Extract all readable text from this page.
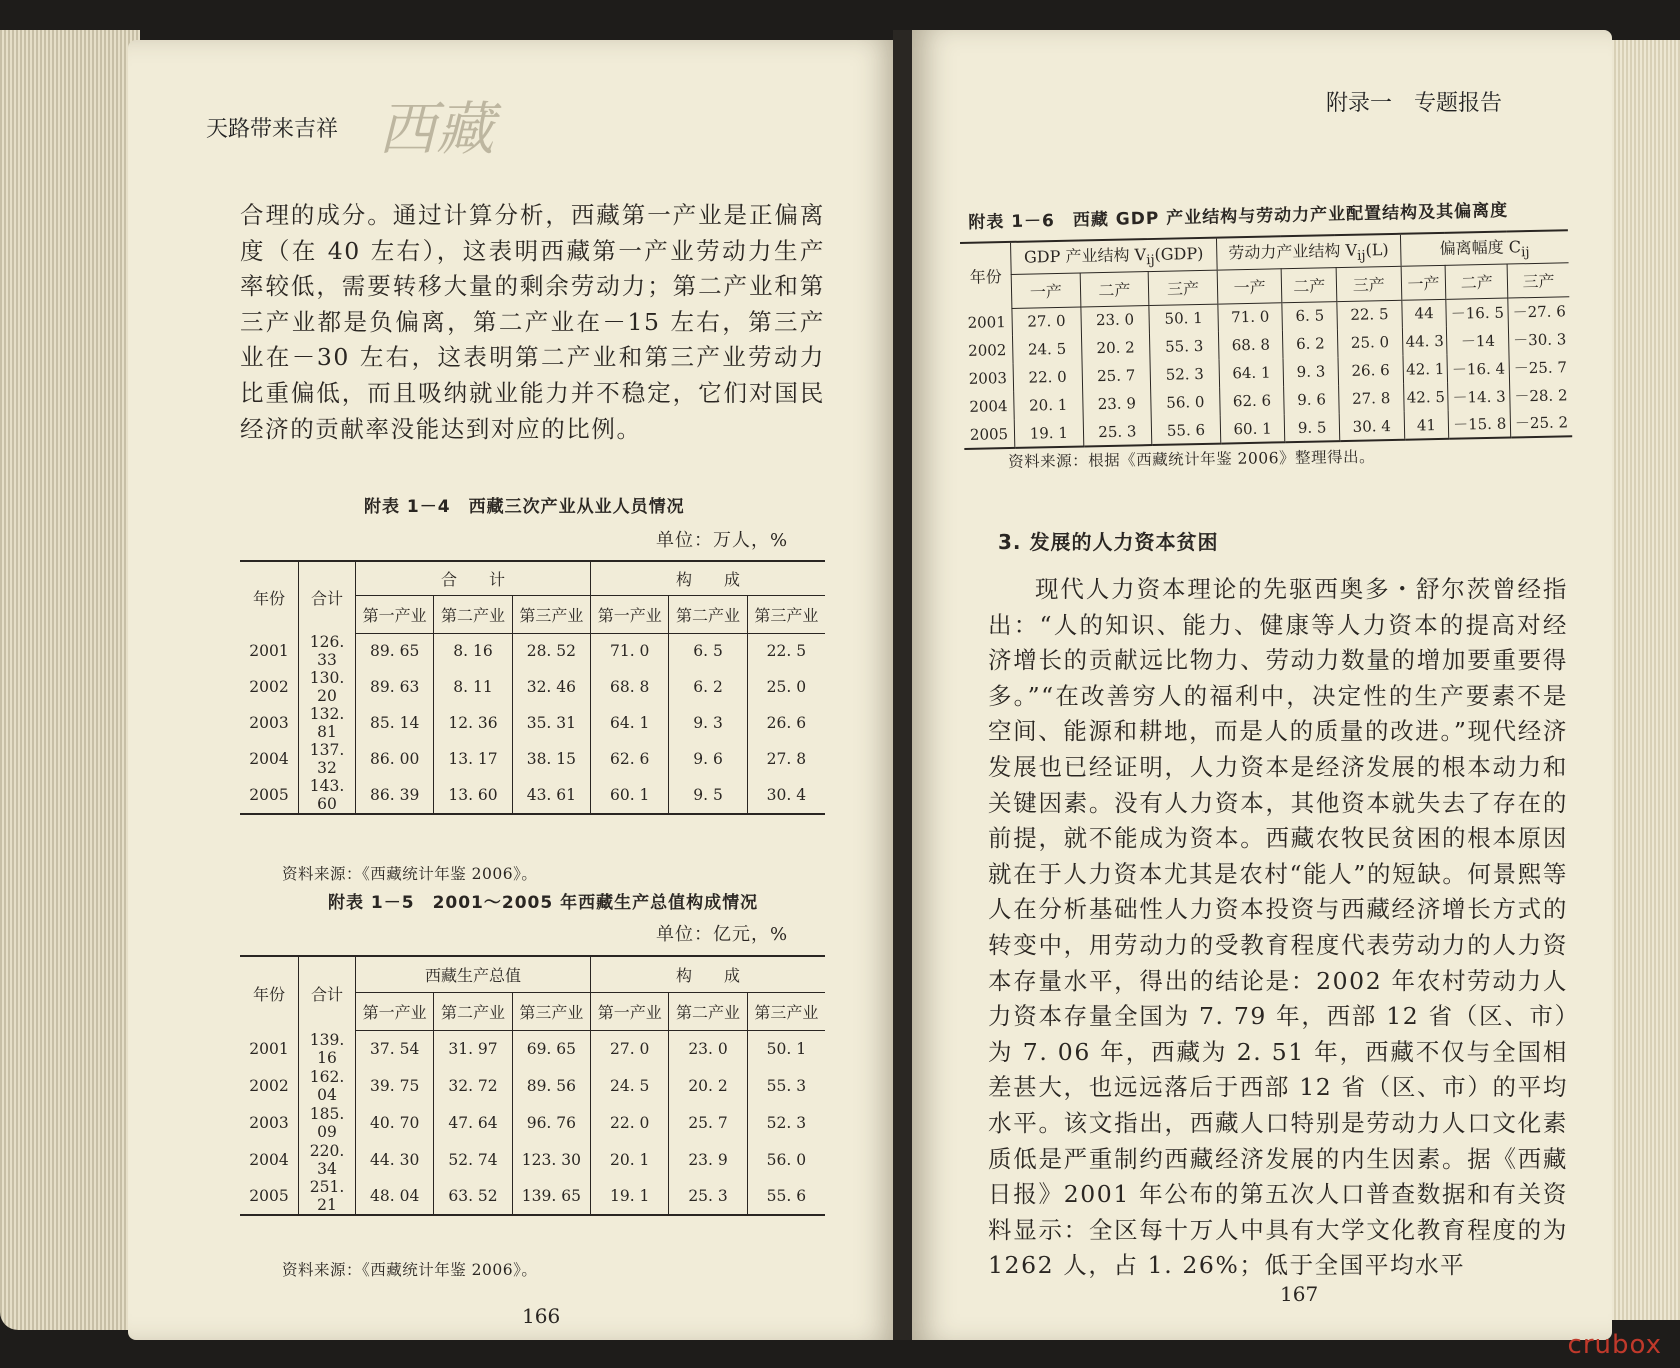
天路带来吉祥 西藏
合理的成分。通过计算分析，西藏第一产业是正偏离度（在 40 左右），这表明西藏第一产业劳动力生产率较低，需要转移大量的剩余劳动力；第二产业和第三产业都是负偏离，第二产业在－15 左右，第三产业在－30 左右，这表明第二产业和第三产业劳动力比重偏低，而且吸纳就业能力并不稳定，它们对国民经济的贡献率没能达到对应的比例。
附表 1－4　西藏三次产业从业人员情况
单位：万人，%
年份	合计	合　　计			构　　成		
		第一产业	第二产业	第三产业	第一产业	第二产业	第三产业
2001	126. 33	89. 65	8. 16	28. 52	71. 0	6. 5	22. 5
2002	130. 20	89. 63	8. 11	32. 46	68. 8	6. 2	25. 0
2003	132. 81	85. 14	12. 36	35. 31	64. 1	9. 3	26. 6
2004	137. 32	86. 00	13. 17	38. 15	62. 6	9. 6	27. 8
2005	143. 60	86. 39	13. 60	43. 61	60. 1	9. 5	30. 4
资料来源：《西藏统计年鉴 2006》。
附表 1－5　2001～2005 年西藏生产总值构成情况
单位：亿元，%
年份	合计	西藏生产总值			构　　成		
		第一产业	第二产业	第三产业	第一产业	第二产业	第三产业
2001	139. 16	37. 54	31. 97	69. 65	27. 0	23. 0	50. 1
2002	162. 04	39. 75	32. 72	89. 56	24. 5	20. 2	55. 3
2003	185. 09	40. 70	47. 64	96. 76	22. 0	25. 7	52. 3
2004	220. 34	44. 30	52. 74	123. 30	20. 1	23. 9	56. 0
2005	251. 21	48. 04	63. 52	139. 65	19. 1	25. 3	55. 6
资料来源：《西藏统计年鉴 2006》。
166
附录一　专题报告
附表 1－6　西藏 GDP 产业结构与劳动力产业配置结构及其偏离度
年份	GDP 产业结构 $V_{ij}(GDP)$			劳动力产业结构 $V_{ij}(L)$			偏离幅度 $C_{ij}$
	一产	二产	三产	一产	二产	三产	一产	二产	三产
2001	27. 0	23. 0	50. 1	71. 0	6. 5	22. 5	44	－16. 5	－27. 6
2002	24. 5	20. 2	55. 3	68. 8	6. 2	25. 0	44. 3	－14	－30. 3
2003	22. 0	25. 7	52. 3	64. 1	9. 3	26. 6	42. 1	－16. 4	－25. 7
2004	20. 1	23. 9	56. 0	62. 6	9. 6	27. 8	42. 5	－14. 3	－28. 2
2005	19. 1	25. 3	55. 6	60. 1	9. 5	30. 4	41	－15. 8	－25. 2
资料来源：根据《西藏统计年鉴 2006》整理得出。
3. 发展的人力资本贫困
现代人力资本理论的先驱西奥多・舒尔茨曾经指出：“人的知识、能力、健康等人力资本的提高对经济增长的贡献远比物力、劳动力数量的增加要重要得多。”“在改善穷人的福利中，决定性的生产要素不是空间、能源和耕地，而是人的质量的改进。”现代经济发展也已经证明，人力资本是经济发展的根本动力和关键因素。没有人力资本，其他资本就失去了存在的前提，就不能成为资本。西藏农牧民贫困的根本原因就在于人力资本尤其是农村“能人”的短缺。何景熙等人在分析基础性人力资本投资与西藏经济增长方式的转变中，用劳动力的受教育程度代表劳动力的人力资本存量水平，得出的结论是：2002 年农村劳动力人力资本存量全国为 7. 79 年，西部 12 省（区、市）为 7. 06 年，西藏为 2. 51 年，西藏不仅与全国相差甚大，也远远落后于西部 12 省（区、市）的平均水平。该文指出，西藏人口特别是劳动力人口文化素质低是严重制约西藏经济发展的内生因素。据《西藏日报》2001 年公布的第五次人口普查数据和有关资料显示：全区每十万人中具有大学文化教育程度的为 1262 人，占 1. 26%；低于全国平均水平
167
crubox
